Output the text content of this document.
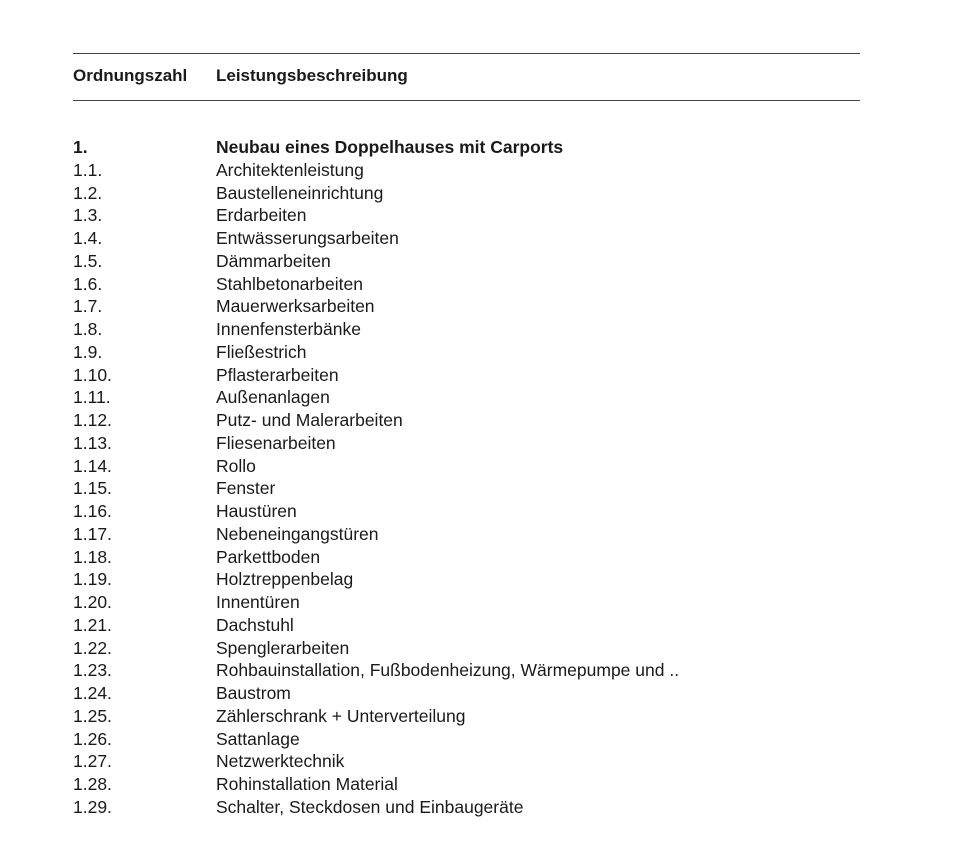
Ordnungszahl	Leistungsbeschreibung
1.	Neubau eines Doppelhauses mit Carports
1.1.	Architektenleistung
1.2.	Baustelleneinrichtung
1.3.	Erdarbeiten
1.4.	Entwässerungsarbeiten
1.5.	Dämmarbeiten
1.6.	Stahlbetonarbeiten
1.7.	Mauerwerksarbeiten
1.8.	Innenfensterbänke
1.9.	Fließestrich
1.10.	Pflasterarbeiten
1.11.	Außenanlagen
1.12.	Putz- und Malerarbeiten
1.13.	Fliesenarbeiten
1.14.	Rollo
1.15.	Fenster
1.16.	Haustüren
1.17.	Nebeneingangstüren
1.18.	Parkettboden
1.19.	Holztreppenbelag
1.20.	Innentüren
1.21.	Dachstuhl
1.22.	Spenglerarbeiten
1.23.	Rohbauinstallation, Fußbodenheizung, Wärmepumpe und ..
1.24.	Baustrom
1.25.	Zählerschrank + Unterverteilung
1.26.	Sattanlage
1.27.	Netzwerktechnik
1.28.	Rohinstallation Material
1.29.	Schalter, Steckdosen und Einbaugeräte
